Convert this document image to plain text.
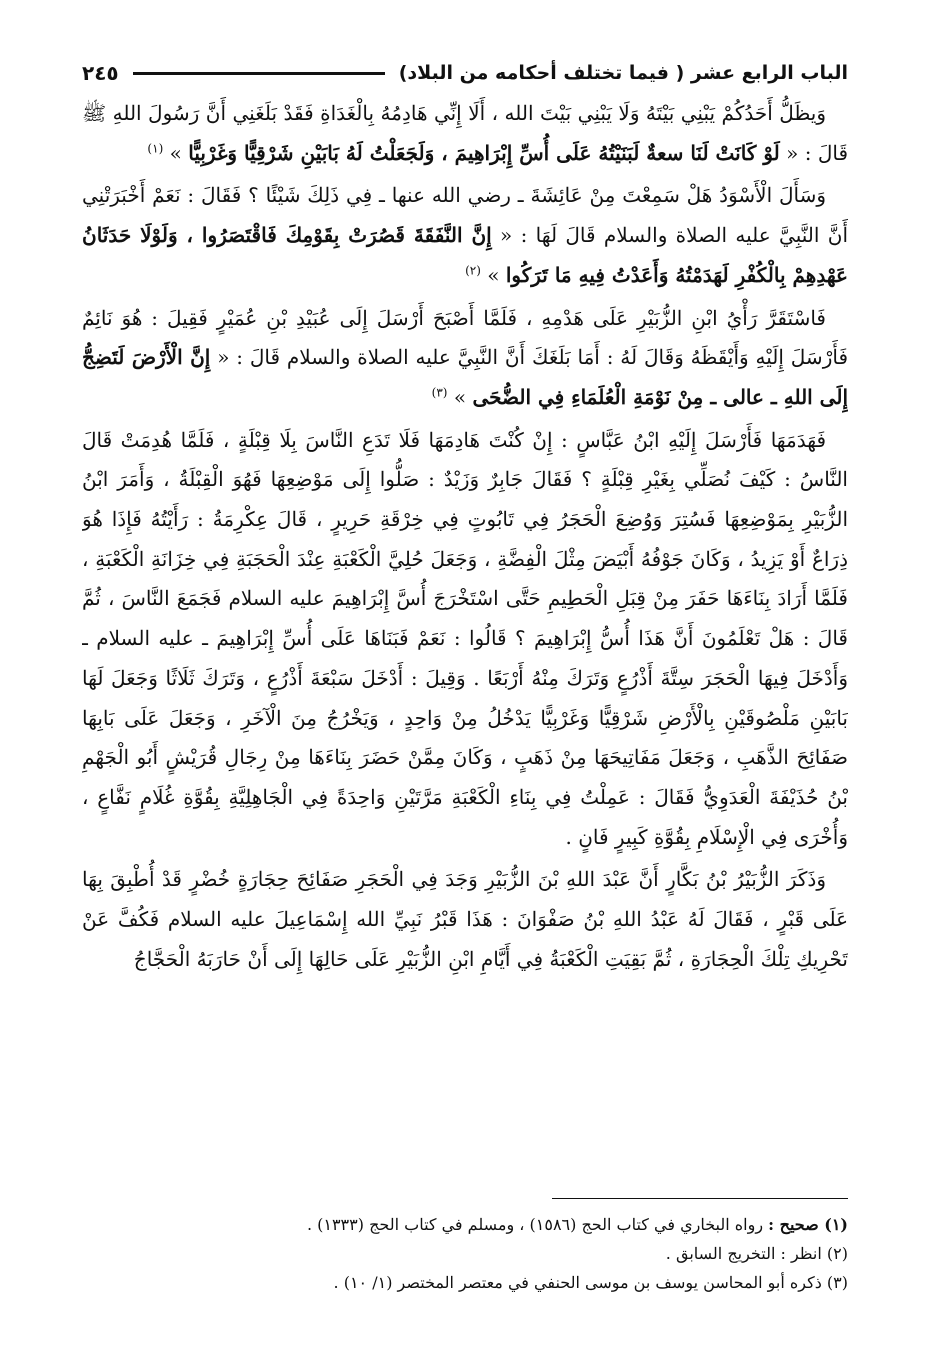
الباب الرابع عشر ( فيما تختلف أحكامه من البلاد)
٢٤٥

وَيظَلُّ أَحَدُكُمْ يَبْنِي بَيْتَهُ وَلَا يَبْنِي بَيْتَ الله ، أَلَا إِنِّي هَادِمُهُ بِالْغَدَاةِ فَقَدْ بَلَغَنِي أَنَّ رَسُولَ اللهِ ﷺ قَالَ : « لَوْ كَانَتْ لَنَا سعةٌ لَبَنَيْتُهُ عَلَى أُسِّ إِبْرَاهِيمَ ، وَلَجَعَلْتُ لَهُ بَابَيْنِ شَرْقِيًّا وَغَرْبِيًّا » $^{(١)}$

وَسَأَلَ الْأَسْوَدُ هَلْ سَمِعْتَ مِنْ عَائِشَةَ ـ رضي الله عنها ـ فِي ذَلِكَ شَيْئًا ؟ فَقَالَ : نَعَمْ أَخْبَرَتْنِي أَنَّ النَّبِيَّ عليه الصلاة والسلام قَالَ لَهَا : « إِنَّ النَّفَقَةَ قَصُرَتْ بِقَوْمِكَ فَاقْتَصَرُوا ، وَلَوْلَا حَدَثَانُ عَهْدِهِمْ بِالْكُفْرِ لَهَدَمْتُهُ وَأَعَدْتُ فِيهِ مَا تَرَكُوا » $^{(٢)}$

فَاسْتَقَرَّ رَأْيُ ابْنِ الزُّبَيْرِ عَلَى هَدْمِهِ ، فَلَمَّا أَصْبَحَ أَرْسَلَ إِلَى عُبَيْدِ بْنِ عُمَيْرٍ فَقِيلَ : هُوَ نَائِمٌ فَأَرْسَلَ إِلَيْهِ وَأَيْقَظَهُ وَقَالَ لَهُ : أَمَا بَلَغَكَ أَنَّ النَّبِيَّ عليه الصلاة والسلام قَالَ : « إِنَّ الْأَرْضَ لَتَضِجُّ إِلَى اللهِ ـ عالى ـ مِنْ نَوْمَةِ الْعُلَمَاءِ فِي الضُّحَى » $^{(٣)}$

فَهَدَمَهَا فَأَرْسَلَ إِلَيْهِ ابْنُ عَبَّاسٍ : إِنْ كُنْتَ هَادِمَهَا فَلَا تَدَعِ النَّاسَ بِلَا قِبْلَةٍ ، فَلَمَّا هُدِمَتْ قَالَ النَّاسُ : كَيْفَ نُصَلِّي بِغَيْرِ قِبْلَةٍ ؟ فَقَالَ جَابِرٌ وَزَيْدٌ : صَلُّوا إِلَى مَوْضِعِهَا فَهُوَ الْقِبْلَةُ ، وَأَمَرَ ابْنُ الزُّبَيْرِ بِمَوْضِعِهَا فَسُتِرَ وَوُضِعَ الْحَجَرُ فِي تَابُوتٍ فِي خِرْقَةِ حَرِيرٍ ، قَالَ عِكْرِمَةُ : رَأَيْتُهُ فَإِذَا هُوَ ذِرَاعٌ أَوْ يَزِيدُ ، وَكَانَ جَوْفُهُ أَبْيَضَ مِثْلَ الْفِضَّةِ ، وَجَعَلَ حُلِيَّ الْكَعْبَةِ عِنْدَ الْحَجَبَةِ فِي خِزَانَةِ الْكَعْبَةِ ، فَلَمَّا أَرَادَ بِنَاءَهَا حَفَرَ مِنْ قِبَلِ الْحَطِيمِ حَتَّى اسْتَخْرَجَ أُسَّ إِبْرَاهِيمَ عليه السلام فَجَمَعَ النَّاسَ ، ثُمَّ قَالَ : هَلْ تَعْلَمُونَ أَنَّ هَذَا أُسُّ إِبْرَاهِيمَ ؟ قَالُوا : نَعَمْ فَبَنَاهَا عَلَى أُسِّ إِبْرَاهِيمَ ـ عليه السلام ـ وَأَدْخَلَ فِيهَا الْحَجَرَ سِتَّةَ أَذْرُعٍ وَتَرَكَ مِنْهُ أَرْبَعًا . وَقِيلَ : أَدْخَلَ سَبْعَةَ أَذْرُعٍ ، وَتَرَكَ ثَلَاثًا وَجَعَلَ لَهَا بَابَيْنِ مَلْصُوقَيْنِ بِالْأَرْضِ شَرْقِيًّا وَغَرْبِيًّا يَدْخُلُ مِنْ وَاحِدٍ ، وَيَخْرُجُ مِنَ الْآخَرِ ، وَجَعَلَ عَلَى بَابِهَا صَفَائِحَ الذَّهَبِ ، وَجَعَلَ مَفَاتِيحَهَا مِنْ ذَهَبٍ ، وَكَانَ مِمَّنْ حَضَرَ بِنَاءَهَا مِنْ رِجَالِ قُرَيْشٍ أَبُو الْجَهْمِ بْنُ حُذَيْفَةَ الْعَدَوِيُّ فَقَالَ : عَمِلْتُ فِي بِنَاءِ الْكَعْبَةِ مَرَّتَيْنِ وَاحِدَةً فِي الْجَاهِلِيَّةِ بِقُوَّةِ غُلَامٍ نَفَّاعٍ ، وَأُخْرَى فِي الْإِسْلَامِ بِقُوَّةِ كَبِيرٍ فَانٍ .

وَذَكَرَ الزُّبَيْرُ بْنُ بَكَّارٍ أَنَّ عَبْدَ اللهِ بْنَ الزُّبَيْرِ وَجَدَ فِي الْحَجَرِ صَفَائِحَ حِجَارَةٍ خُضْرٍ قَدْ أُطْبِقَ بِهَا عَلَى قَبْرٍ ، فَقَالَ لَهُ عَبْدُ اللهِ بْنُ صَفْوَانَ : هَذَا قَبْرُ نَبِيِّ الله إِسْمَاعِيلَ عليه السلام فَكُفَّ عَنْ تَحْرِيكِ تِلْكَ الْحِجَارَةِ ، ثُمَّ بَقِيَتِ الْكَعْبَةُ فِي أَيَّامِ ابْنِ الزُّبَيْرِ عَلَى حَالِهَا إِلَى أَنْ حَارَبَهُ الْحَجَّاجُ

(١) صحيح : رواه البخاري في كتاب الحج (١٥٨٦) ، ومسلم في كتاب الحج (١٣٣٣) .
(٢) انظر : التخريج السابق .
(٣) ذكره أبو المحاسن يوسف بن موسى الحنفي في معتصر المختصر (١/ ١٠) .
